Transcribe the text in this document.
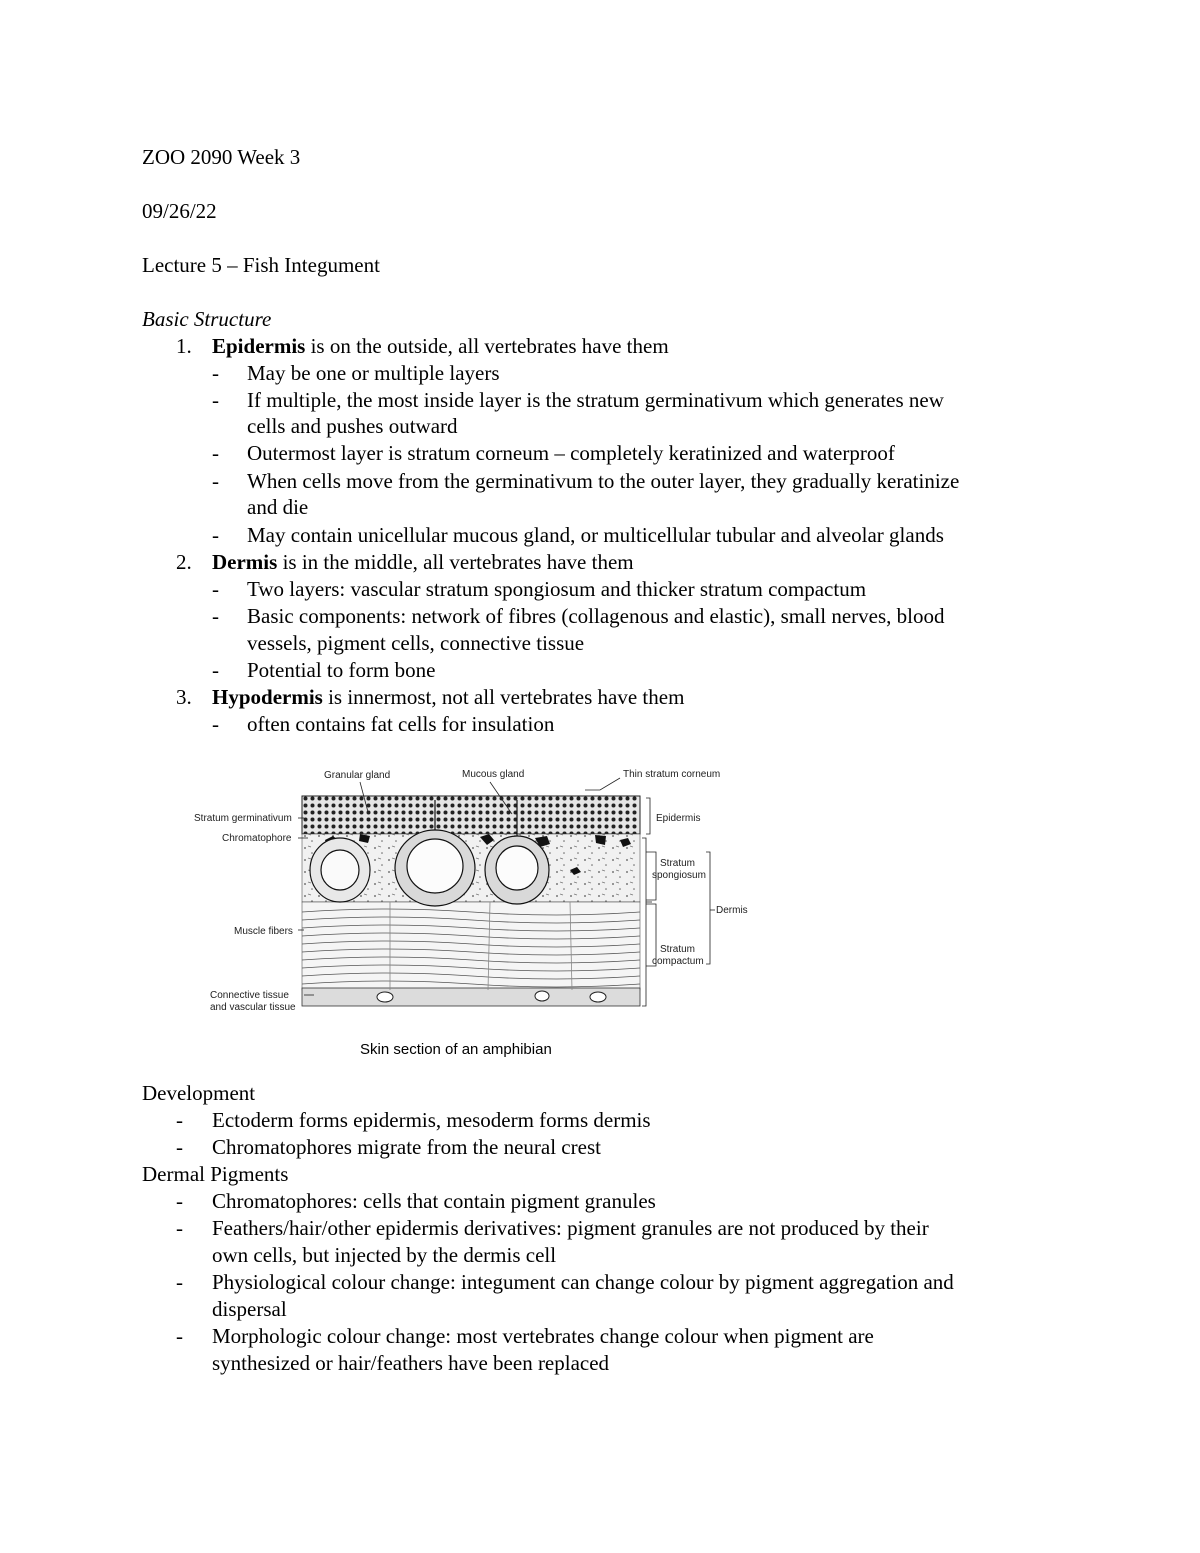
ZOO 2090 Week 3
09/26/22
Lecture 5 – Fish Integument
Basic Structure
1. Epidermis is on the outside, all vertebrates have them
- May be one or multiple layers
- If multiple, the most inside layer is the stratum germinativum which generates new
cells and pushes outward
- Outermost layer is stratum corneum – completely keratinized and waterproof
- When cells move from the germinativum to the outer layer, they gradually keratinize
and die
- May contain unicellular mucous gland, or multicellular tubular and alveolar glands
2. Dermis is in the middle, all vertebrates have them
- Two layers: vascular stratum spongiosum and thicker stratum compactum
- Basic components: network of fibres (collagenous and elastic), small nerves, blood
vessels, pigment cells, connective tissue
- Potential to form bone
3. Hypodermis is innermost, not all vertebrates have them
- often contains fat cells for insulation
Granular gland	Mucous gland	Thin stratum corneum
Stratum germinativum
Chromatophore
Epidermis
Stratum
spongiosum
Dermis
Muscle fibers
Stratum
compactum
Connective tissue
and vascular tissue
Skin section of an amphibian
Development
- Ectoderm forms epidermis, mesoderm forms dermis
- Chromatophores migrate from the neural crest
Dermal Pigments
- Chromatophores: cells that contain pigment granules
- Feathers/hair/other epidermis derivatives: pigment granules are not produced by their
own cells, but injected by the dermis cell
- Physiological colour change: integument can change colour by pigment aggregation and
dispersal
- Morphologic colour change: most vertebrates change colour when pigment are
synthesized or hair/feathers have been replaced
